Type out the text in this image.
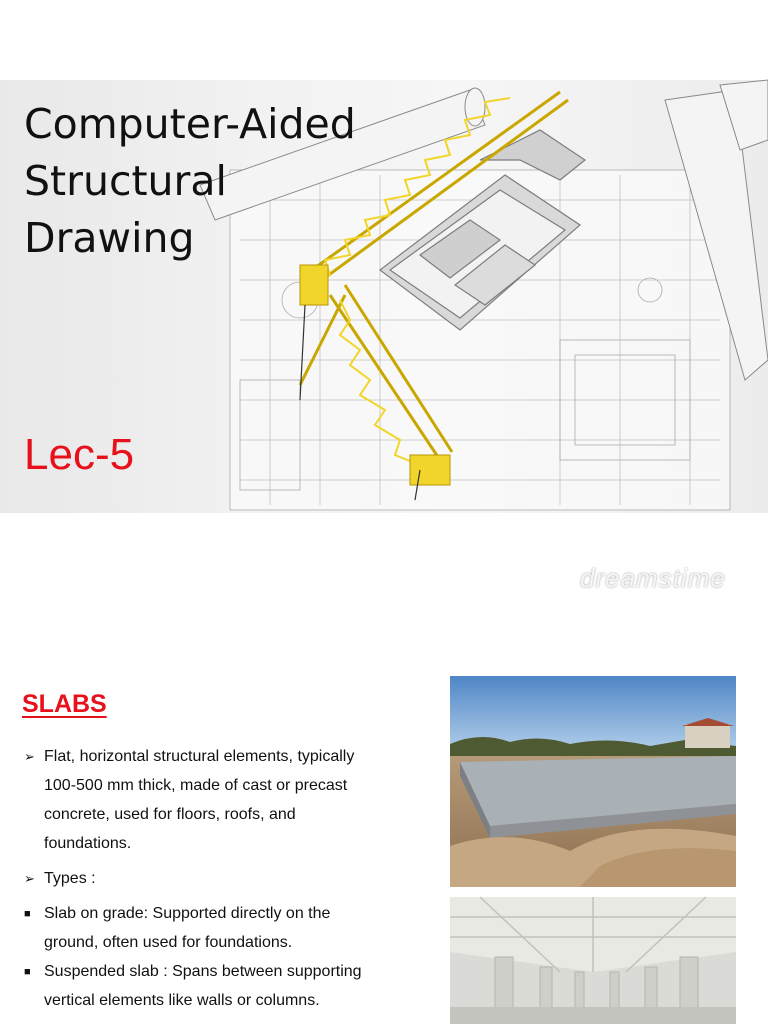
dreamstime
Computer-Aided
Structural
Drawing
Lec-5
SLABS
➢ Flat, horizontal structural elements, typically 100-500 mm thick, made of cast or precast concrete, used for floors, roofs, and foundations.
➢ Types :
■ Slab on grade: Supported directly on the ground, often used for foundations.
■ Suspended slab : Spans between supporting vertical elements like walls or columns.
